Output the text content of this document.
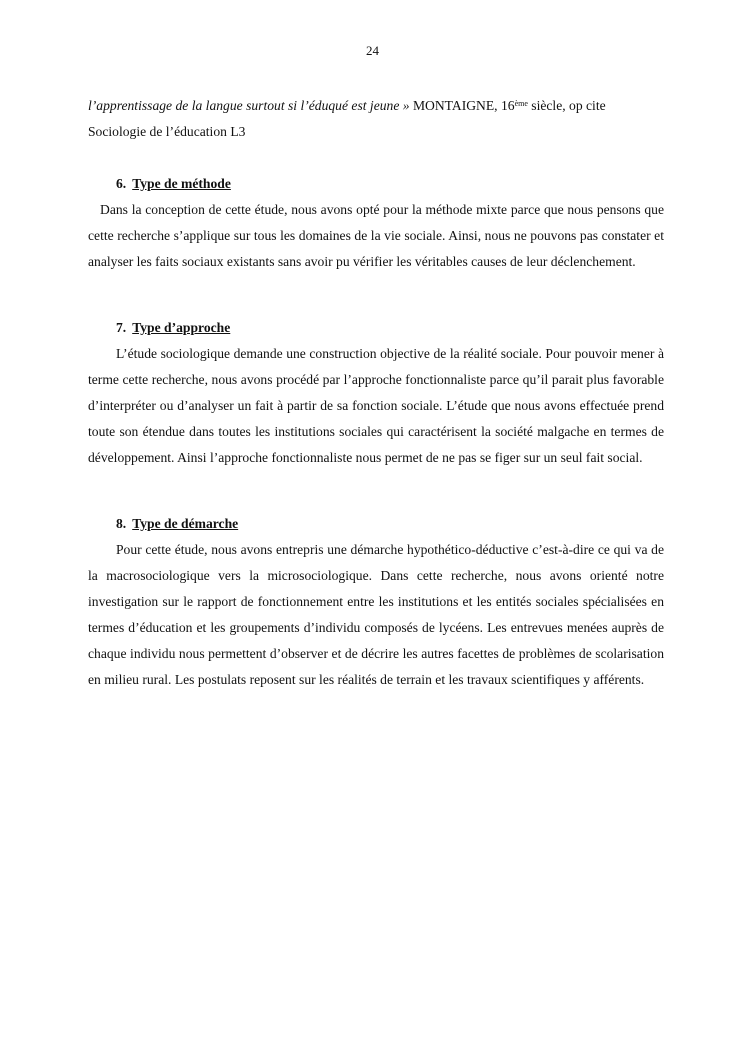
24

l’apprentissage de la langue surtout si l’éduqué est jeune » MONTAIGNE, 16ème siècle, op cite
Sociologie de l’éducation L3

6. Type de méthode

Dans la conception de cette étude, nous avons opté pour la méthode mixte parce que nous pensons que cette recherche s’applique sur tous les domaines de la vie sociale. Ainsi, nous ne pouvons pas constater et analyser les faits sociaux existants sans avoir pu vérifier les véritables causes de leur déclenchement.

7. Type d’approche

L’étude sociologique demande une construction objective de la réalité sociale. Pour pouvoir mener à terme cette recherche, nous avons procédé par l’approche fonctionnaliste parce qu’il parait plus favorable d’interpréter ou d’analyser un fait à partir de sa fonction sociale. L’étude que nous avons effectuée prend toute son étendue dans toutes les institutions sociales qui caractérisent la société malgache en termes de développement. Ainsi l’approche fonctionnaliste nous permet de ne pas se figer sur un seul fait social.

8. Type de démarche

Pour cette étude, nous avons entrepris une démarche hypothético-déductive c’est-à-dire ce qui va de la macrosociologique vers la microsociologique. Dans cette recherche, nous avons orienté notre investigation sur le rapport de fonctionnement entre les institutions et les entités sociales spécialisées en termes d’éducation et les groupements d’individu composés de lycéens. Les entrevues menées auprès de chaque individu nous permettent d’observer et de décrire les autres facettes de problèmes de scolarisation en milieu rural. Les postulats reposent sur les réalités de terrain et les travaux scientifiques y afférents.
